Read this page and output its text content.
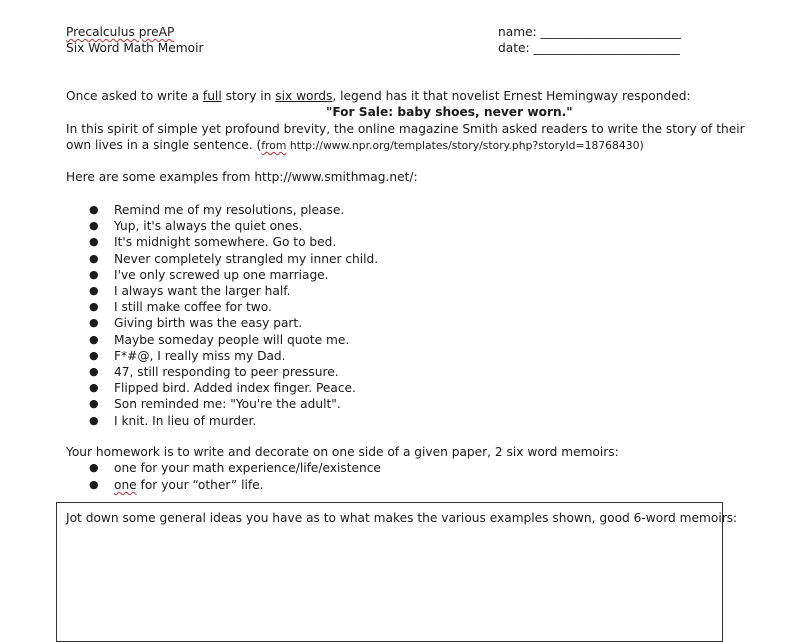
Precalculus preAP
Six Word Math Memoir
name: _______________________
date: ________________________
Once asked to write a full story in six words, legend has it that novelist Ernest Hemingway responded:
"For Sale: baby shoes, never worn."
In this spirit of simple yet profound brevity, the online magazine Smith asked readers to write the story of their
own lives in a single sentence. (from http://www.npr.org/templates/story/story.php?storyId=18768430)
Here are some examples from http://www.smithmag.net/:
● Remind me of my resolutions, please.
● Yup, it's always the quiet ones.
● It's midnight somewhere. Go to bed.
● Never completely strangled my inner child.
● I've only screwed up one marriage.
● I always want the larger half.
● I still make coffee for two.
● Giving birth was the easy part.
● Maybe someday people will quote me.
● F*#@, I really miss my Dad.
● 47, still responding to peer pressure.
● Flipped bird. Added index finger. Peace.
● Son reminded me: "You're the adult".
● I knit. In lieu of murder.
Your homework is to write and decorate on one side of a given paper, 2 six word memoirs:
● one for your math experience/life/existence
● one for your “other” life.
Jot down some general ideas you have as to what makes the various examples shown, good 6-word memoirs:
